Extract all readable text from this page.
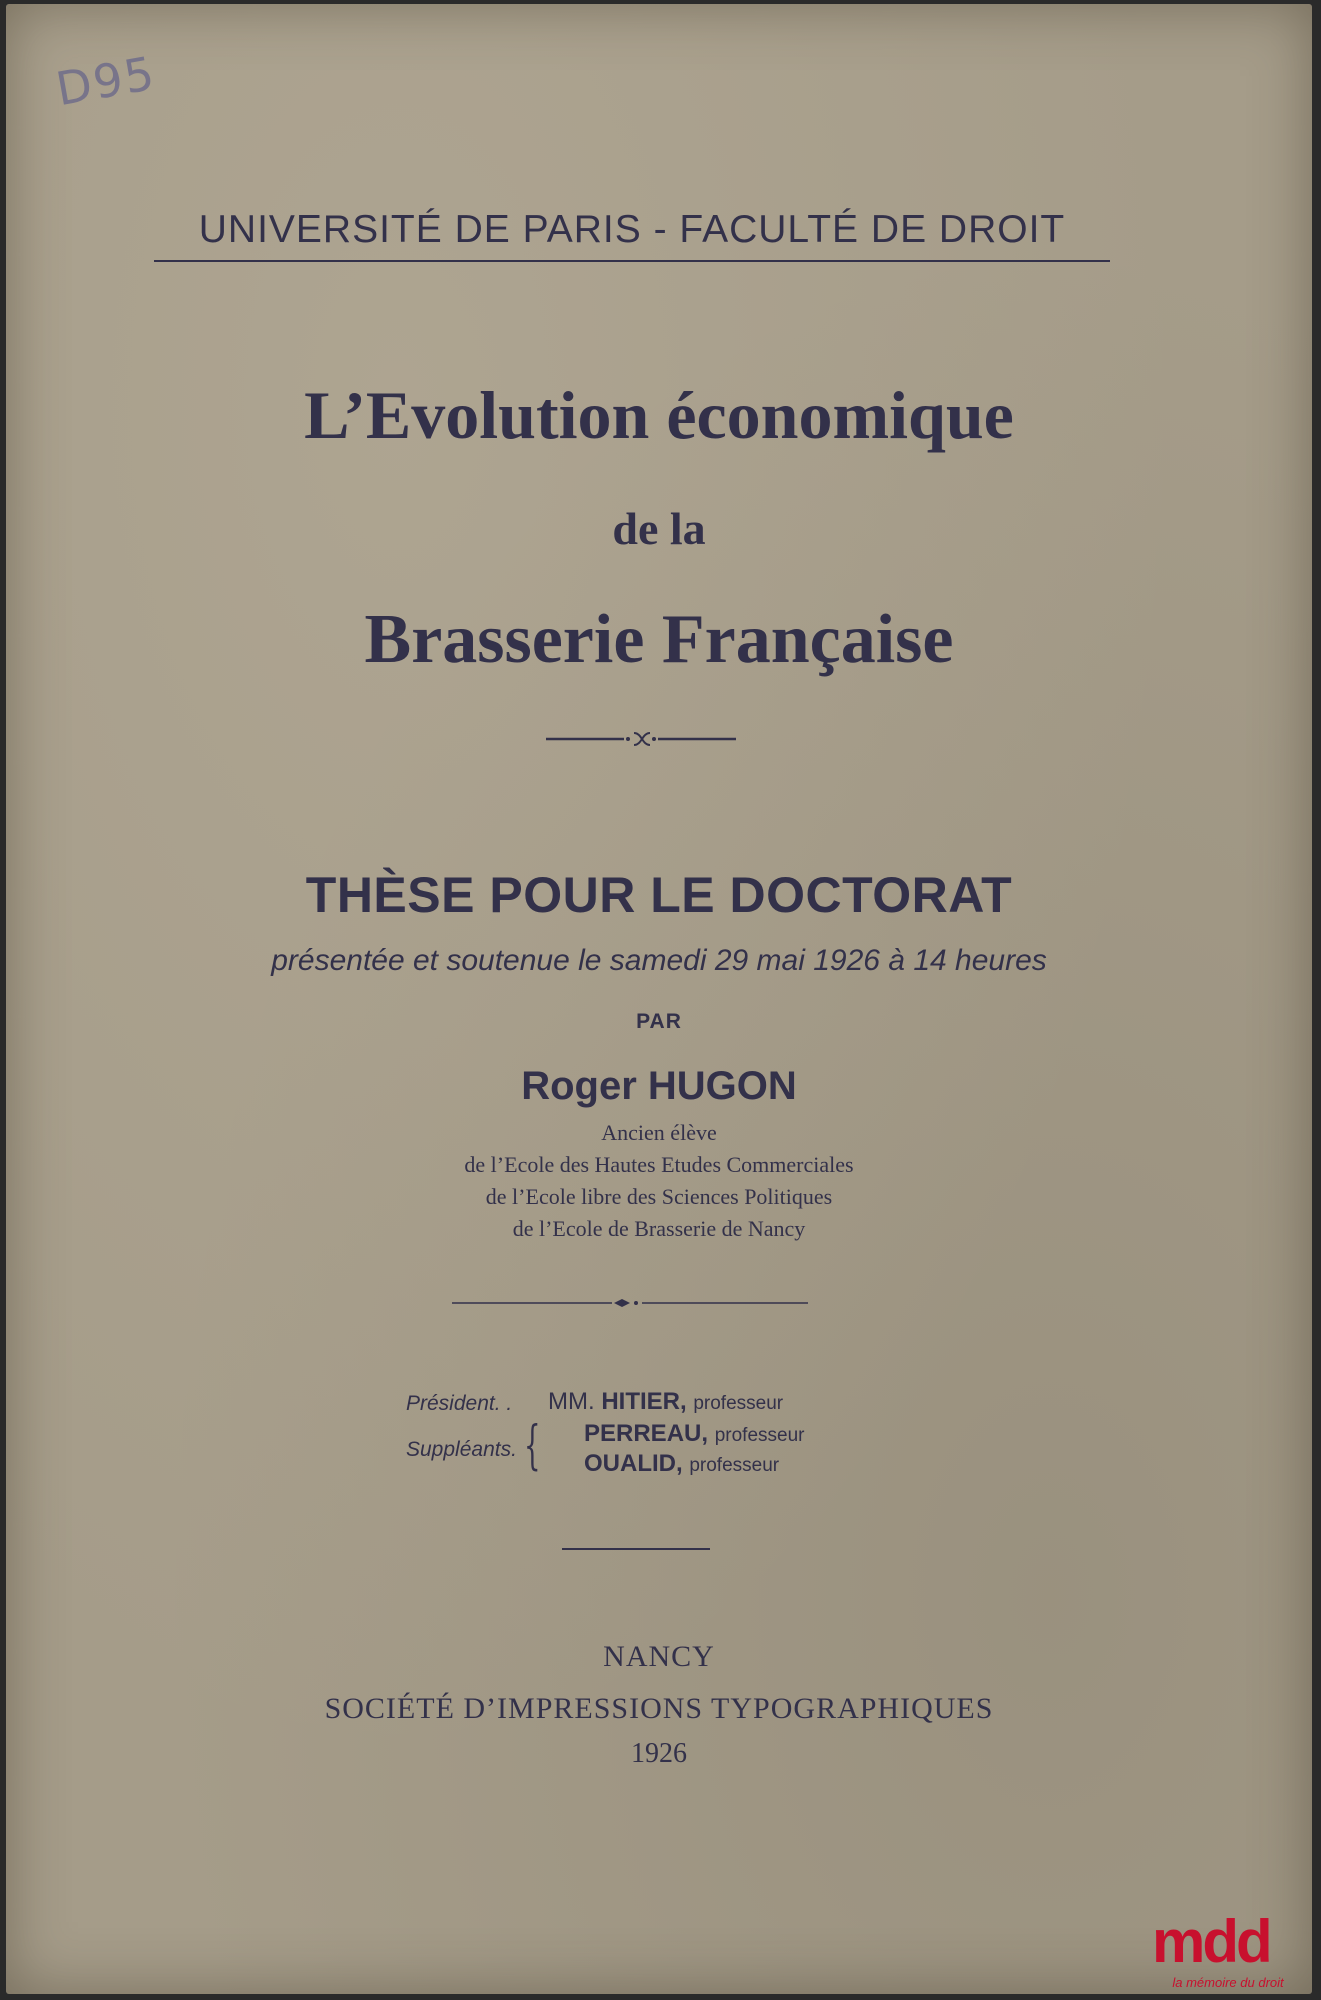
D95
UNIVERSITÉ DE PARIS - FACULTÉ DE DROIT
L’Evolution économique
de la
Brasserie Française
THÈSE POUR LE DOCTORAT
présentée et soutenue le samedi 29 mai 1926 à 14 heures
PAR
Roger HUGON
Ancien élève
de l’Ecole des Hautes Etudes Commerciales
de l’Ecole libre des Sciences Politiques
de l’Ecole de Brasserie de Nancy
Président. . MM. HITIER, professeur
Suppléants. { PERREAU, professeur
OUALID, professeur
NANCY
SOCIÉTÉ D’IMPRESSIONS TYPOGRAPHIQUES
1926
mdd
la mémoire du droit
